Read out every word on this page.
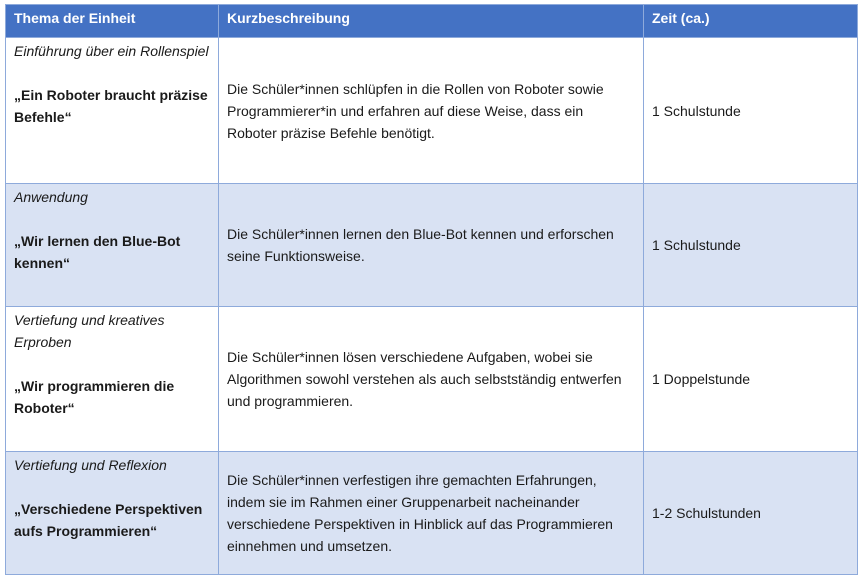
Thema der Einheit	Kurzbeschreibung	Zeit (ca.)

Einführung über ein Rollenspiel
„Ein Roboter braucht präzise Befehle“	Die Schüler*innen schlüpfen in die Rollen von Roboter sowie Programmierer*in und erfahren auf diese Weise, dass ein Roboter präzise Befehle benötigt.	1 Schulstunde

Anwendung
„Wir lernen den Blue-Bot kennen“	Die Schüler*innen lernen den Blue-Bot kennen und erforschen seine Funktionsweise.	1 Schulstunde

Vertiefung und kreatives Erproben
„Wir programmieren die Roboter“	Die Schüler*innen lösen verschiedene Aufgaben, wobei sie Algorithmen sowohl verstehen als auch selbstständig entwerfen und programmieren.	1 Doppelstunde

Vertiefung und Reflexion
„Verschiedene Perspektiven aufs Programmieren“	Die Schüler*innen verfestigen ihre gemachten Erfahrungen, indem sie im Rahmen einer Gruppenarbeit nacheinander verschiedene Perspektiven in Hinblick auf das Programmieren einnehmen und umsetzen.	1-2 Schulstunden
